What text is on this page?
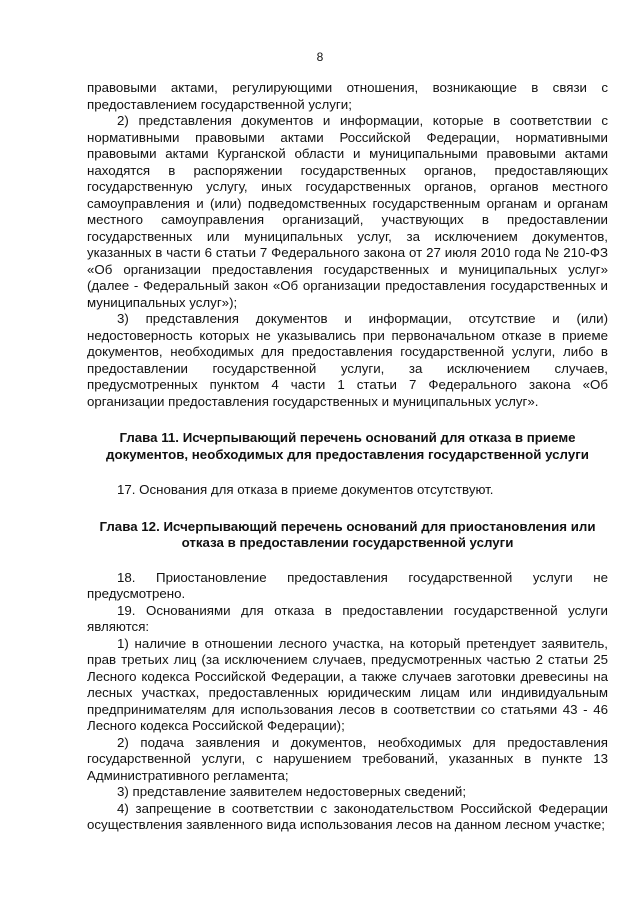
8

правовыми актами, регулирующими отношения, возникающие в связи с предоставлением государственной услуги;

2) представления документов и информации, которые в соответствии с нормативными правовыми актами Российской Федерации, нормативными правовыми актами Курганской области и муниципальными правовыми актами находятся в распоряжении государственных органов, предоставляющих государственную услугу, иных государственных органов, органов местного самоуправления и (или) подведомственных государственным органам и органам местного самоуправления организаций, участвующих в предоставлении государственных или муниципальных услуг, за исключением документов, указанных в части 6 статьи 7 Федерального закона от 27 июля 2010 года № 210-ФЗ «Об организации предоставления государственных и муниципальных услуг» (далее - Федеральный закон «Об организации предоставления государственных и муниципальных услуг»);

3) представления документов и информации, отсутствие и (или) недостоверность которых не указывались при первоначальном отказе в приеме документов, необходимых для предоставления государственной услуги, либо в предоставлении государственной услуги, за исключением случаев, предусмотренных пунктом 4 части 1 статьи 7 Федерального закона «Об организации предоставления государственных и муниципальных услуг».

Глава 11. Исчерпывающий перечень оснований для отказа в приеме документов, необходимых для предоставления государственной услуги

17. Основания для отказа в приеме документов отсутствуют.

Глава 12. Исчерпывающий перечень оснований для приостановления или отказа в предоставлении государственной услуги

18. Приостановление предоставления государственной услуги не предусмотрено.

19. Основаниями для отказа в предоставлении государственной услуги являются:

1) наличие в отношении лесного участка, на который претендует заявитель, прав третьих лиц (за исключением случаев, предусмотренных частью 2 статьи 25 Лесного кодекса Российской Федерации, а также случаев заготовки древесины на лесных участках, предоставленных юридическим лицам или индивидуальным предпринимателям для использования лесов в соответствии со статьями 43 - 46 Лесного кодекса Российской Федерации);

2) подача заявления и документов, необходимых для предоставления государственной услуги, с нарушением требований, указанных в пункте 13 Административного регламента;

3) представление заявителем недостоверных сведений;

4) запрещение в соответствии с законодательством Российской Федерации осуществления заявленного вида использования лесов на данном лесном участке;
